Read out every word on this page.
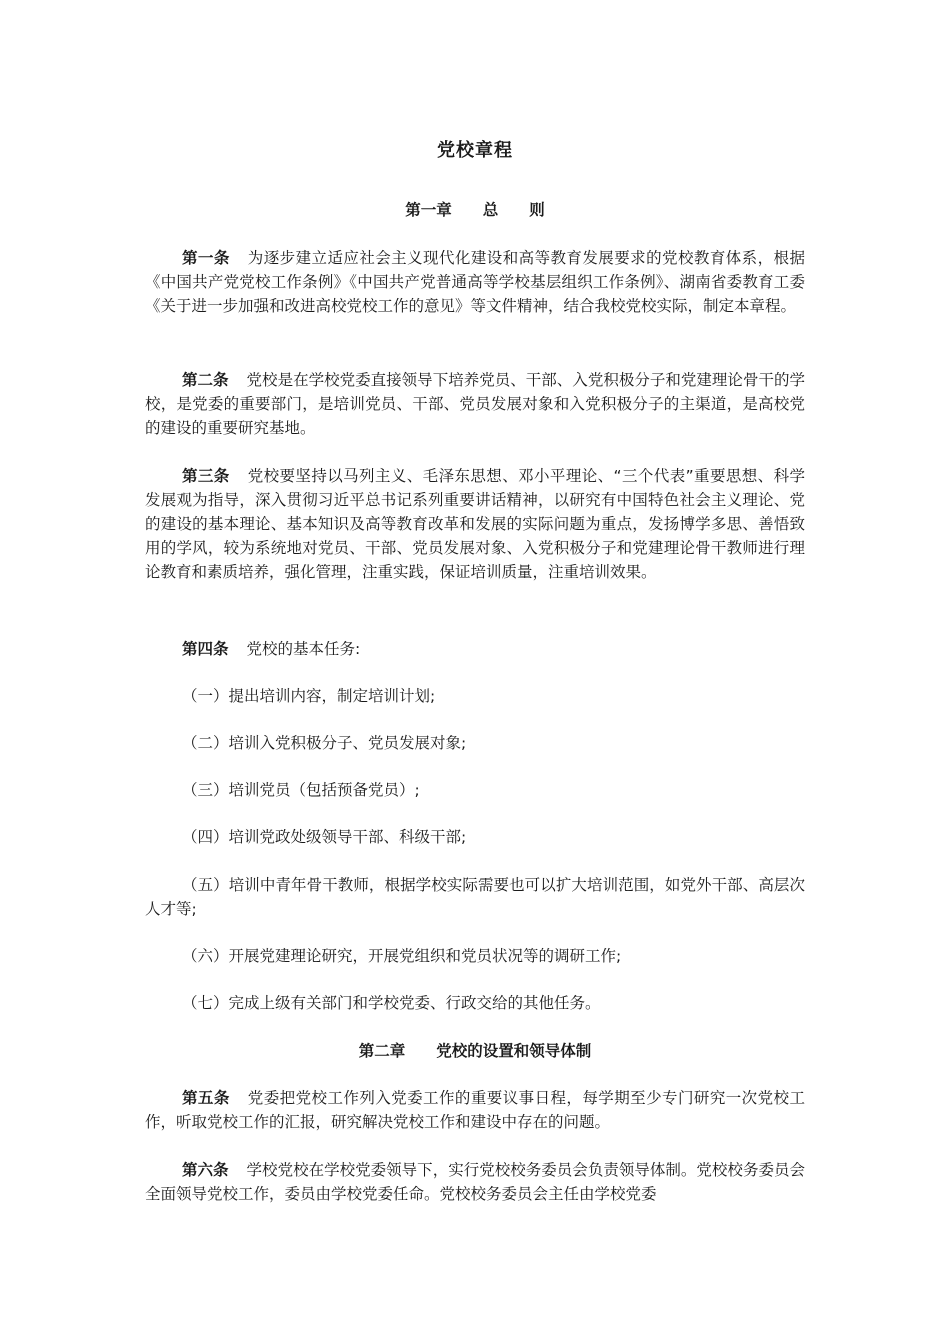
党校章程
第一章　　总　　则
第一条 为逐步建立适应社会主义现代化建设和高等教育发展要求的党校教育体系，根据《中国共产党党校工作条例》《中国共产党普通高等学校基层组织工作条例》、湖南省委教育工委《关于进一步加强和改进高校党校工作的意见》等文件精神，结合我校党校实际，制定本章程。
第二条 党校是在学校党委直接领导下培养党员、干部、入党积极分子和党建理论骨干的学校，是党委的重要部门，是培训党员、干部、党员发展对象和入党积极分子的主渠道，是高校党的建设的重要研究基地。
第三条 党校要坚持以马列主义、毛泽东思想、邓小平理论、“三个代表”重要思想、科学发展观为指导，深入贯彻习近平总书记系列重要讲话精神，以研究有中国特色社会主义理论、党的建设的基本理论、基本知识及高等教育改革和发展的实际问题为重点，发扬博学多思、善悟致用的学风，较为系统地对党员、干部、党员发展对象、入党积极分子和党建理论骨干教师进行理论教育和素质培养，强化管理，注重实践，保证培训质量，注重培训效果。
第四条 党校的基本任务:
（一）提出培训内容，制定培训计划;
（二）培训入党积极分子、党员发展对象;
（三）培训党员（包括预备党员）;
（四）培训党政处级领导干部、科级干部;
（五）培训中青年骨干教师，根据学校实际需要也可以扩大培训范围，如党外干部、高层次人才等;
（六）开展党建理论研究，开展党组织和党员状况等的调研工作;
（七）完成上级有关部门和学校党委、行政交给的其他任务。
第二章　　党校的设置和领导体制
第五条 党委把党校工作列入党委工作的重要议事日程，每学期至少专门研究一次党校工作，听取党校工作的汇报，研究解决党校工作和建设中存在的问题。
第六条 学校党校在学校党委领导下，实行党校校务委员会负责领导体制。党校校务委员会全面领导党校工作，委员由学校党委任命。党校校务委员会主任由学校党委
